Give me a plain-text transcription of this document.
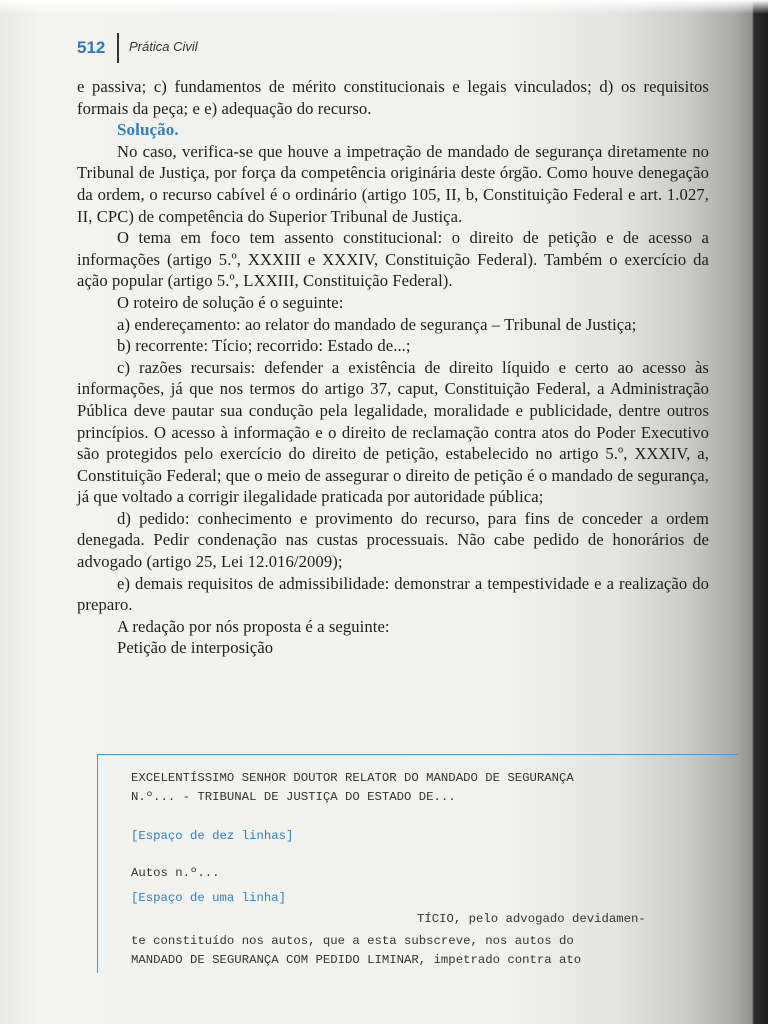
512 Prática Civil

e passiva; c) fundamentos de mérito constitucionais e legais vinculados; d) os requisitos formais da peça; e e) adequação do recurso.

Solução.

No caso, verifica-se que houve a impetração de mandado de segurança diretamente no Tribunal de Justiça, por força da competência originária deste órgão. Como houve denegação da ordem, o recurso cabível é o ordinário (artigo 105, II, b, Constituição Federal e art. 1.027, II, CPC) de competência do Superior Tribunal de Justiça.

O tema em foco tem assento constitucional: o direito de petição e de acesso a informações (artigo 5.º, XXXIII e XXXIV, Constituição Federal). Também o exercício da ação popular (artigo 5.º, LXXIII, Constituição Federal).

O roteiro de solução é o seguinte:

a) endereçamento: ao relator do mandado de segurança – Tribunal de Justiça;

b) recorrente: Tício; recorrido: Estado de...;

c) razões recursais: defender a existência de direito líquido e certo ao acesso às informações, já que nos termos do artigo 37, caput, Constituição Federal, a Administração Pública deve pautar sua condução pela legalidade, moralidade e publicidade, dentre outros princípios. O acesso à informação e o direito de reclamação contra atos do Poder Executivo são protegidos pelo exercício do direito de petição, estabelecido no artigo 5.º, XXXIV, a, Constituição Federal; que o meio de assegurar o direito de petição é o mandado de segurança, já que voltado a corrigir ilegalidade praticada por autoridade pública;

d) pedido: conhecimento e provimento do recurso, para fins de conceder a ordem denegada. Pedir condenação nas custas processuais. Não cabe pedido de honorários de advogado (artigo 25, Lei 12.016/2009);

e) demais requisitos de admissibilidade: demonstrar a tempestividade e a realização do preparo.

A redação por nós proposta é a seguinte:

Petição de interposição

EXCELENTÍSSIMO SENHOR DOUTOR RELATOR DO MANDADO DE SEGURANÇA
N.º... - TRIBUNAL DE JUSTIÇA DO ESTADO DE...
[Espaço de dez linhas]
Autos n.º...
[Espaço de uma linha]
TÍCIO, pelo advogado devidamen-
te constituído nos autos, que a esta subscreve, nos autos do
MANDADO DE SEGURANÇA COM PEDIDO LIMINAR, impetrado contra ato
